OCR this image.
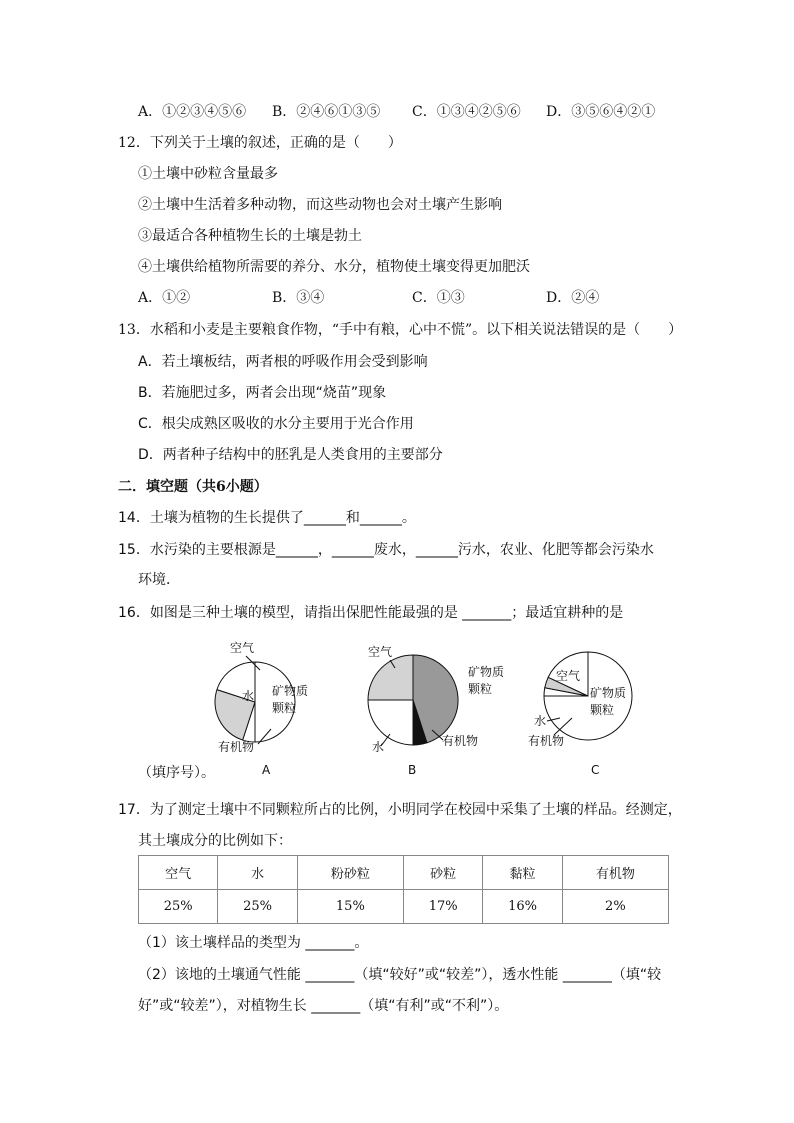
A．①②③④⑤⑥ B．②④⑥①③⑤ C．①③④②⑤⑥ D．③⑤⑥④②①
12．下列关于土壤的叙述，正确的是（　　）
①土壤中砂粒含量最多
②土壤中生活着多种动物，而这些动物也会对土壤产生影响
③最适合各种植物生长的土壤是勃土
④土壤供给植物所需要的养分、水分，植物使土壤变得更加肥沃
A．①②	B．③④	C．①③	D．②④
13．水稻和小麦是主要粮食作物，“手中有粮，心中不慌”。以下相关说法错误的是（　　）
A．若土壤板结，两者根的呼吸作用会受到影响
B．若施肥过多，两者会出现“烧苗”现象
C．根尖成熟区吸收的水分主要用于光合作用
D．两者种子结构中的胚乳是人类食用的主要部分
二．填空题（共6小题）
14．土壤为植物的生长提供了______和______。
15．水污染的主要根源是______，______废水，______污水，农业、化肥等都会污染水
环境．
16．如图是三种土壤的模型，请指出保肥性能最强的是 _______；最适宜耕种的是
空气
水 矿物质
颗粒
有机物
A
空气
矿物质
颗粒
有机物
水
B
空气
矿物质
颗粒
水
有机物
C
（填序号）。
17．为了测定土壤中不同颗粒所占的比例，小明同学在校园中采集了土壤的样品。经测定，
其土壤成分的比例如下：
空气	水	粉砂粒	砂粒	黏粒	有机物
25%	25%	15%	17%	16%	2%
（1）该土壤样品的类型为 _______。
（2）该地的土壤通气性能 _______（填“较好”或“较差”），透水性能 _______（填“较
好”或“较差”），对植物生长 _______（填“有利”或“不利”）。
